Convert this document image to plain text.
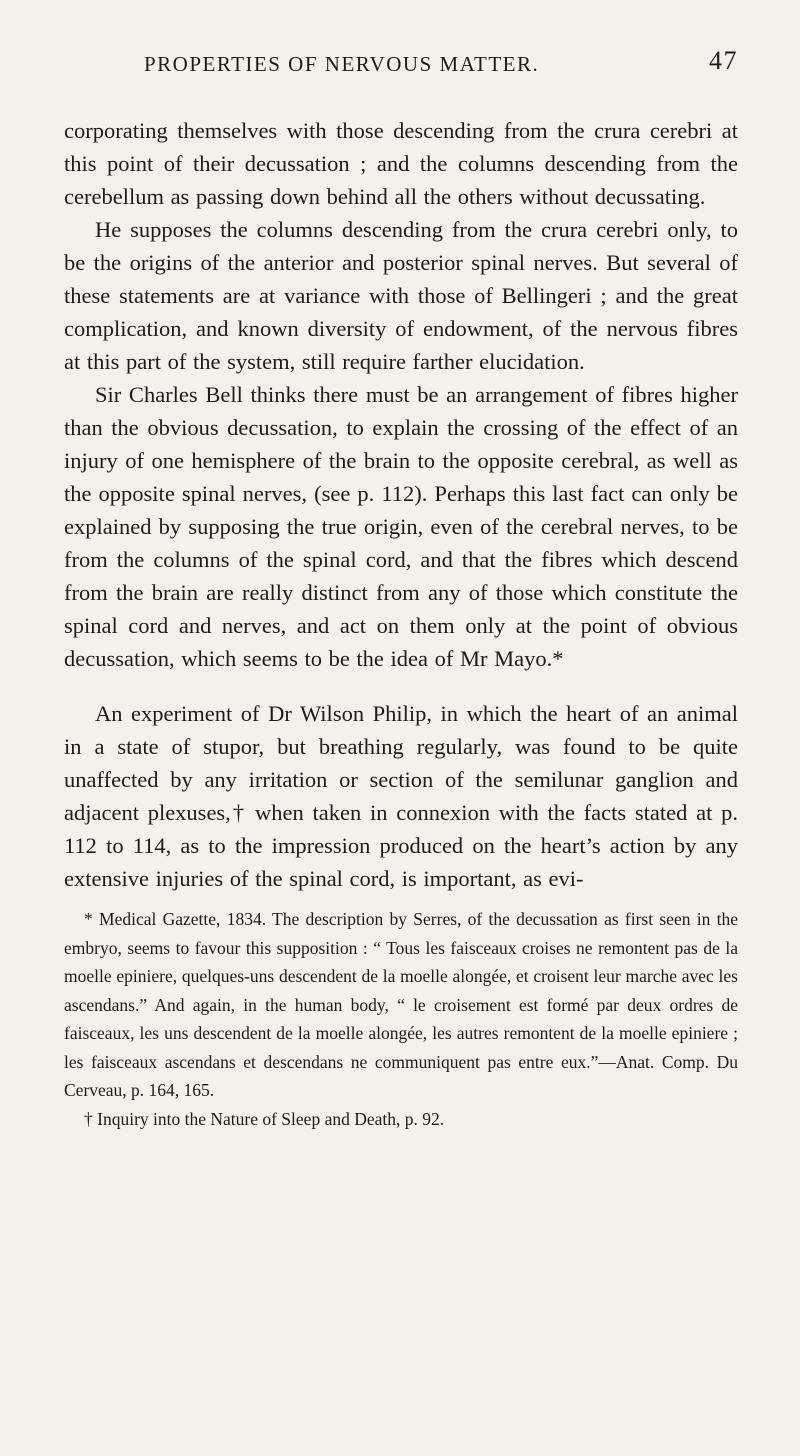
PROPERTIES OF NERVOUS MATTER.	47

corporating themselves with those descending from the crura cerebri at this point of their decussation ; and the columns descending from the cerebellum as passing down behind all the others without decussating.

He supposes the columns descending from the crura cerebri only, to be the origins of the anterior and posterior spinal nerves. But several of these statements are at variance with those of Bellingeri ; and the great complication, and known diversity of endowment, of the nervous fibres at this part of the system, still require farther elucidation.

Sir Charles Bell thinks there must be an arrangement of fibres higher than the obvious decussation, to explain the crossing of the effect of an injury of one hemisphere of the brain to the opposite cerebral, as well as the opposite spinal nerves, (see p. 112). Perhaps this last fact can only be explained by supposing the true origin, even of the cerebral nerves, to be from the columns of the spinal cord, and that the fibres which descend from the brain are really distinct from any of those which constitute the spinal cord and nerves, and act on them only at the point of obvious decussation, which seems to be the idea of Mr Mayo.*

An experiment of Dr Wilson Philip, in which the heart of an animal in a state of stupor, but breathing regularly, was found to be quite unaffected by any irritation or section of the semilunar ganglion and adjacent plexuses,† when taken in connexion with the facts stated at p. 112 to 114, as to the impression produced on the heart’s action by any extensive injuries of the spinal cord, is important, as evi-

* Medical Gazette, 1834. The description by Serres, of the decussation as first seen in the embryo, seems to favour this supposition : “ Tous les faisceaux croises ne remontent pas de la moelle epiniere, quelques-uns descendent de la moelle alongée, et croisent leur marche avec les ascendans.” And again, in the human body, “ le croisement est formé par deux ordres de faisceaux, les uns descendent de la moelle alongée, les autres remontent de la moelle epiniere ; les faisceaux ascendans et descendans ne communiquent pas entre eux.”—Anat. Comp. Du Cerveau, p. 164, 165.

† Inquiry into the Nature of Sleep and Death, p. 92.
